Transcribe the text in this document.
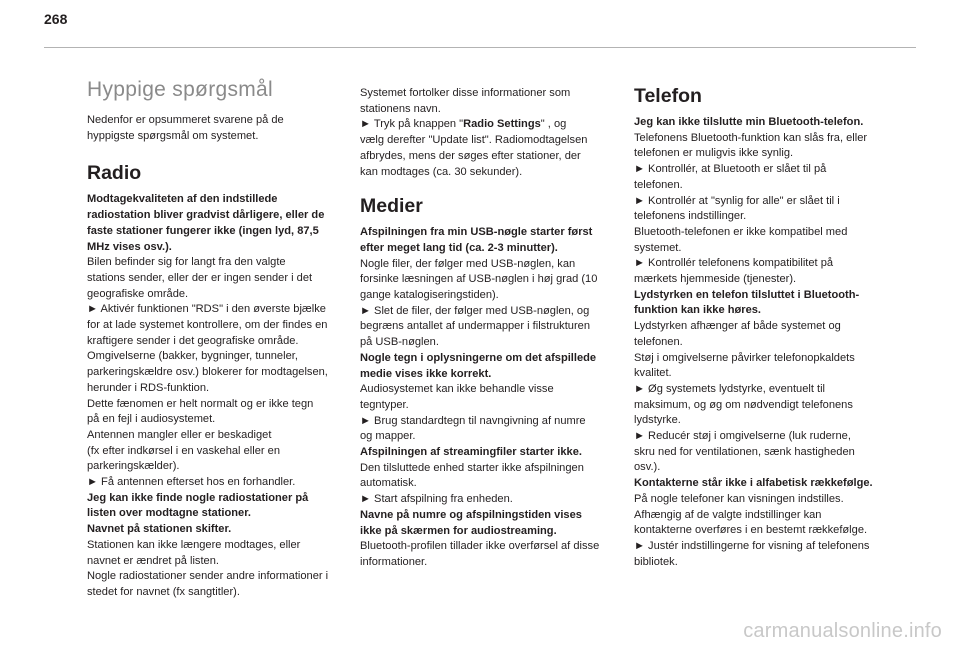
268
Hyppige spørgsmål

Nedenfor er opsummeret svarene på de
hyppigste spørgsmål om systemet.

Radio

Modtagekvaliteten af den indstillede
radiostation bliver gradvist dårligere, eller de
faste stationer fungerer ikke (ingen lyd, 87,5
MHz vises osv.).

Bilen befinder sig for langt fra den valgte
stations sender, eller der er ingen sender i det
geografiske område.
► Aktivér funktionen "RDS" i den øverste bjælke
for at lade systemet kontrollere, om der findes en
kraftigere sender i det geografiske område.
Omgivelserne (bakker, bygninger, tunneler,
parkeringskældre osv.) blokerer for modtagelsen,
herunder i RDS-funktion.
Dette fænomen er helt normalt og er ikke tegn
på en fejl i audiosystemet.
Antennen mangler eller er beskadiget
(fx efter indkørsel i en vaskehal eller en
parkeringskælder).
► Få antennen efterset hos en forhandler.

Jeg kan ikke finde nogle radiostationer på
listen over modtagne stationer.

Navnet på stationen skifter.

Stationen kan ikke længere modtages, eller
navnet er ændret på listen.
Nogle radiostationer sender andre informationer i
stedet for navnet (fx sangtitler).

Systemet fortolker disse informationer som
stationens navn.
► Tryk på knappen "Radio Settings" , og
vælg derefter "Update list". Radiomodtagelsen
afbrydes, mens der søges efter stationer, der
kan modtages (ca. 30 sekunder).

Medier

Afspilningen fra min USB-nøgle starter først
efter meget lang tid (ca. 2-3 minutter).

Nogle filer, der følger med USB-nøglen, kan
forsinke læsningen af USB-nøglen i høj grad (10
gange katalogiseringstiden).
► Slet de filer, der følger med USB-nøglen, og
begræns antallet af undermapper i filstrukturen
på USB-nøglen.

Nogle tegn i oplysningerne om det afspillede
medie vises ikke korrekt.

Audiosystemet kan ikke behandle visse
tegntyper.
► Brug standardtegn til navngivning af numre
og mapper.

Afspilningen af streamingfiler starter ikke.

Den tilsluttede enhed starter ikke afspilningen
automatisk.
► Start afspilning fra enheden.

Navne på numre og afspilningstiden vises
ikke på skærmen for audiostreaming.

Bluetooth-profilen tillader ikke overførsel af disse
informationer.

Telefon

Jeg kan ikke tilslutte min Bluetooth-telefon.

Telefonens Bluetooth-funktion kan slås fra, eller
telefonen er muligvis ikke synlig.
► Kontrollér, at Bluetooth er slået til på
telefonen.
► Kontrollér at "synlig for alle" er slået til i
telefonens indstillinger.
Bluetooth-telefonen er ikke kompatibel med
systemet.
► Kontrollér telefonens kompatibilitet på
mærkets hjemmeside (tjenester).

Lydstyrken en telefon tilsluttet i Bluetooth-
funktion kan ikke høres.

Lydstyrken afhænger af både systemet og
telefonen.
Støj i omgivelserne påvirker telefonopkaldets
kvalitet.
► Øg systemets lydstyrke, eventuelt til
maksimum, og øg om nødvendigt telefonens
lydstyrke.
► Reducér støj i omgivelserne (luk ruderne,
skru ned for ventilationen, sænk hastigheden
osv.).

Kontakterne står ikke i alfabetisk rækkefølge.

På nogle telefoner kan visningen indstilles.
Afhængig af de valgte indstillinger kan
kontakterne overføres i en bestemt rækkefølge.
► Justér indstillingerne for visning af telefonens
bibliotek.

carmanualsonline.info
